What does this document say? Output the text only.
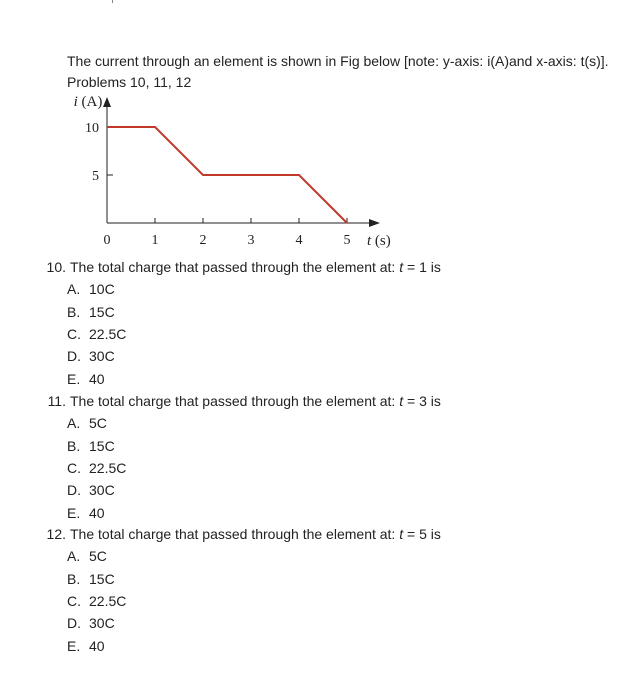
The current through an element is shown in Fig below [note: y-axis: i(A)and x-axis: t(s)].
Problems 10, 11, 12
0	1	2	3	4	5
5
10
i (A)
t (s)
10. The total charge that passed through the element at: t = 1 is
A. 10C
B. 15C
C. 22.5C
D. 30C
E. 40
11. The total charge that passed through the element at: t = 3 is
A. 5C
B. 15C
C. 22.5C
D. 30C
E. 40
12. The total charge that passed through the element at: t = 5 is
A. 5C
B. 15C
C. 22.5C
D. 30C
E. 40
